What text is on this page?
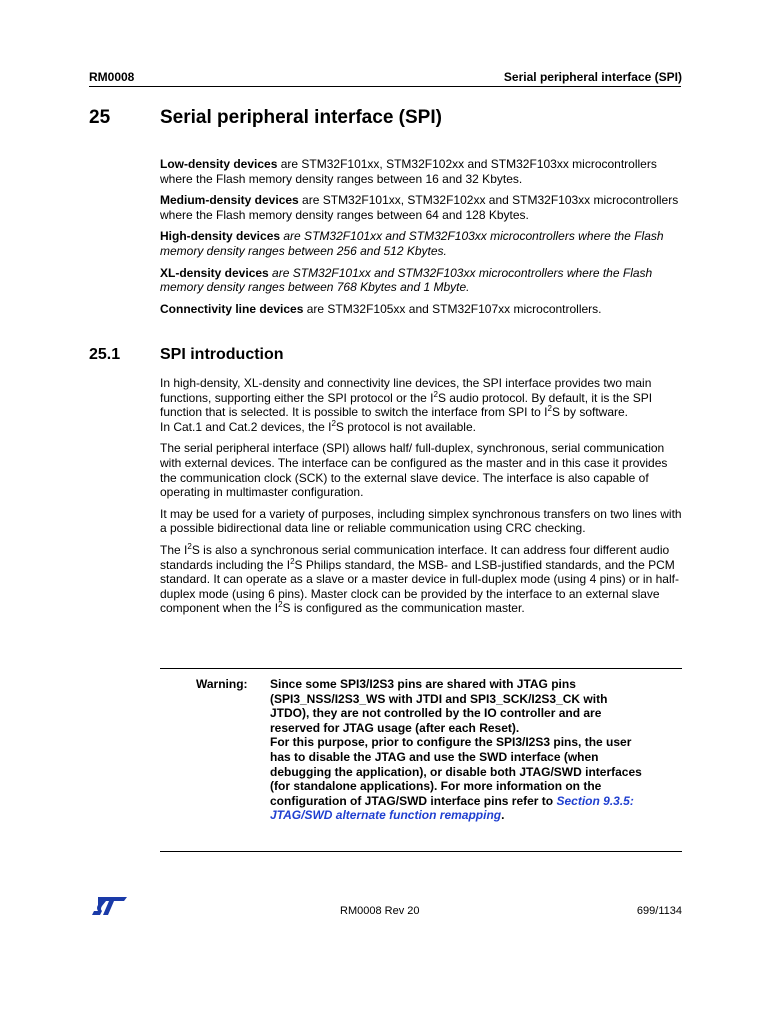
RM0008	Serial peripheral interface (SPI)
25	Serial peripheral interface (SPI)

Low-density devices are STM32F101xx, STM32F102xx and STM32F103xx microcontrollers where the Flash memory density ranges between 16 and 32 Kbytes.

Medium-density devices are STM32F101xx, STM32F102xx and STM32F103xx microcontrollers where the Flash memory density ranges between 64 and 128 Kbytes.

High-density devices are STM32F101xx and STM32F103xx microcontrollers where the Flash memory density ranges between 256 and 512 Kbytes.

XL-density devices are STM32F101xx and STM32F103xx microcontrollers where the Flash memory density ranges between 768 Kbytes and 1 Mbyte.

Connectivity line devices are STM32F105xx and STM32F107xx microcontrollers.

25.1 SPI introduction

In high-density, XL-density and connectivity line devices, the SPI interface provides two main functions, supporting either the SPI protocol or the $I^2S$ audio protocol. By default, it is the SPI function that is selected. It is possible to switch the interface from SPI to $I^2S$ by software.
In Cat.1 and Cat.2 devices, the $I^2S$ protocol is not available.

The serial peripheral interface (SPI) allows half/ full-duplex, synchronous, serial communication with external devices. The interface can be configured as the master and in this case it provides the communication clock (SCK) to the external slave device. The interface is also capable of operating in multimaster configuration.

It may be used for a variety of purposes, including simplex synchronous transfers on two lines with a possible bidirectional data line or reliable communication using CRC checking.

The $I^2S$ is also a synchronous serial communication interface. It can address four different audio standards including the $I^2S$ Philips standard, the MSB- and LSB-justified standards, and the PCM standard. It can operate as a slave or a master device in full-duplex mode (using 4 pins) or in half-duplex mode (using 6 pins). Master clock can be provided by the interface to an external slave component when the $I^2S$ is configured as the communication master.

Warning: Since some SPI3/I2S3 pins are shared with JTAG pins (SPI3_NSS/I2S3_WS with JTDI and SPI3_SCK/I2S3_CK with JTDO), they are not controlled by the IO controller and are reserved for JTAG usage (after each Reset).
For this purpose, prior to configure the SPI3/I2S3 pins, the user has to disable the JTAG and use the SWD interface (when debugging the application), or disable both JTAG/SWD interfaces (for standalone applications). For more information on the configuration of JTAG/SWD interface pins refer to Section 9.3.5: JTAG/SWD alternate function remapping.
RM0008 Rev 20	699/1134
